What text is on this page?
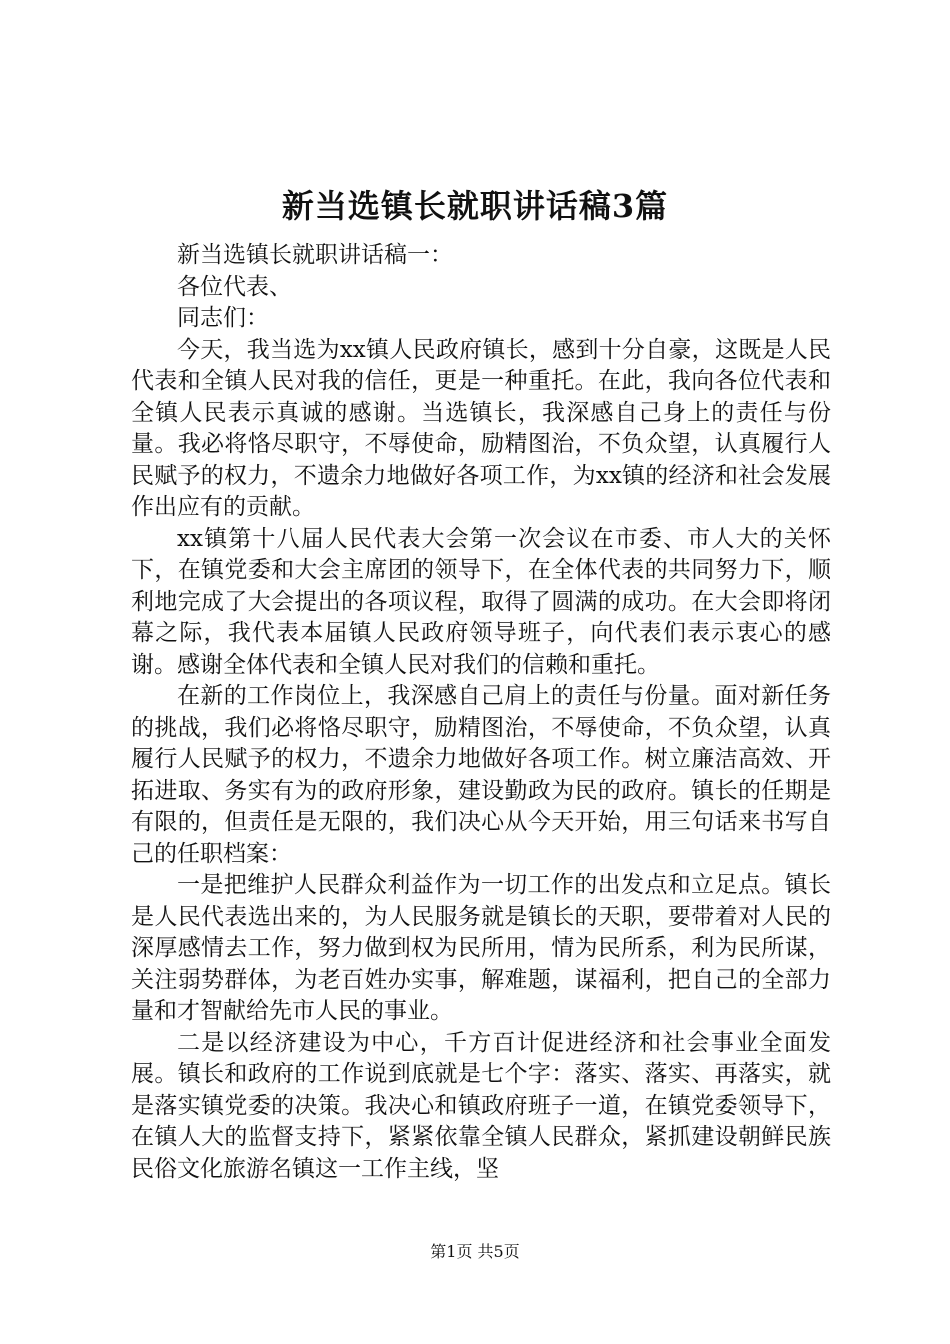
新当选镇长就职讲话稿3篇

新当选镇长就职讲话稿一：

各位代表、

同志们：

今天，我当选为xx镇人民政府镇长，感到十分自豪，这既是人民代表和全镇人民对我的信任，更是一种重托。在此，我向各位代表和全镇人民表示真诚的感谢。当选镇长，我深感自己身上的责任与份量。我必将恪尽职守，不辱使命，励精图治，不负众望，认真履行人民赋予的权力，不遗余力地做好各项工作，为xx镇的经济和社会发展作出应有的贡献。

xx镇第十八届人民代表大会第一次会议在市委、市人大的关怀下，在镇党委和大会主席团的领导下，在全体代表的共同努力下，顺利地完成了大会提出的各项议程，取得了圆满的成功。在大会即将闭幕之际，我代表本届镇人民政府领导班子，向代表们表示衷心的感谢。感谢全体代表和全镇人民对我们的信赖和重托。

在新的工作岗位上，我深感自己肩上的责任与份量。面对新任务的挑战，我们必将恪尽职守，励精图治，不辱使命，不负众望，认真履行人民赋予的权力，不遗余力地做好各项工作。树立廉洁高效、开拓进取、务实有为的政府形象，建设勤政为民的政府。镇长的任期是有限的，但责任是无限的，我们决心从今天开始，用三句话来书写自己的任职档案：

一是把维护人民群众利益作为一切工作的出发点和立足点。镇长是人民代表选出来的，为人民服务就是镇长的天职，要带着对人民的深厚感情去工作，努力做到权为民所用，情为民所系，利为民所谋，关注弱势群体，为老百姓办实事，解难题，谋福利，把自己的全部力量和才智献给先市人民的事业。

二是以经济建设为中心，千方百计促进经济和社会事业全面发展。镇长和政府的工作说到底就是七个字：落实、落实、再落实，就是落实镇党委的决策。我决心和镇政府班子一道，在镇党委领导下，在镇人大的监督支持下，紧紧依靠全镇人民群众，紧抓建设朝鲜民族民俗文化旅游名镇这一工作主线，坚

第1页 共5页
